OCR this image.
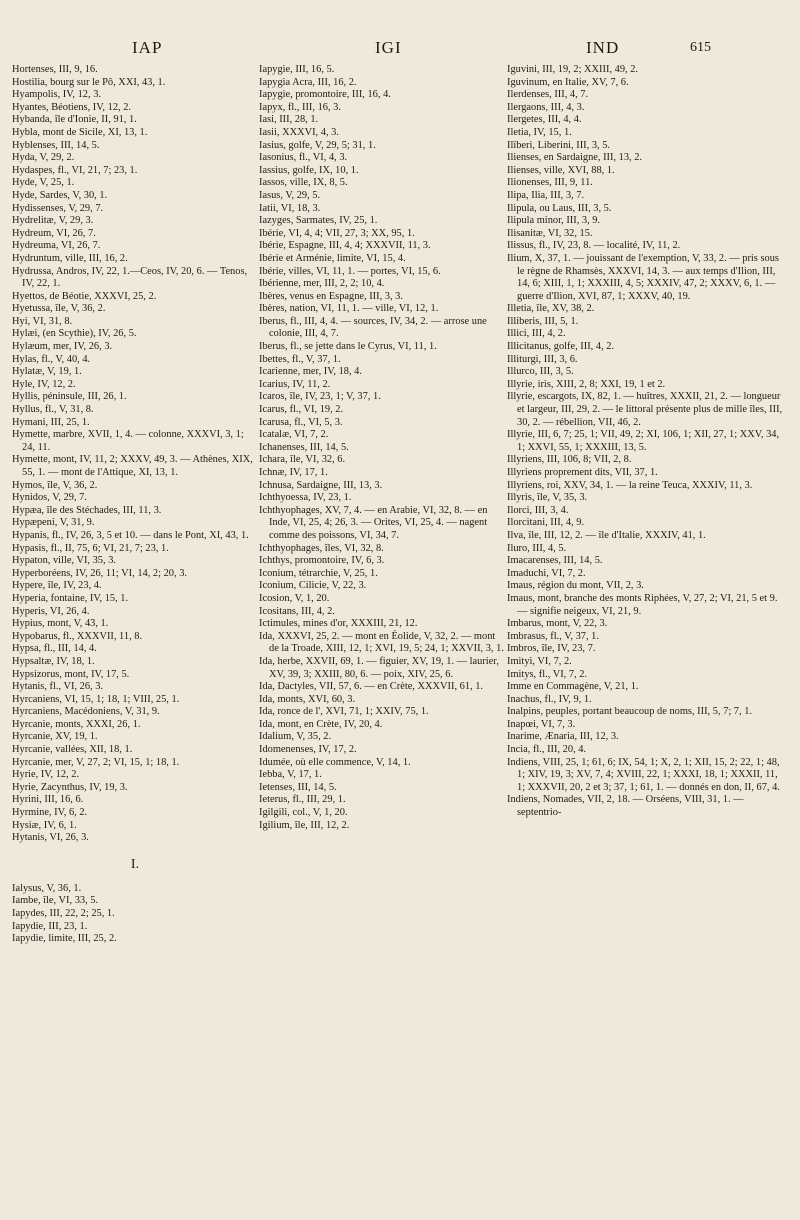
IAP	IGI	IND	615
Hortenses, III, 9, 16.
Hostilia, bourg sur le Pô, XXI, 43, 1.
Hyampolis, IV, 12, 3.
Hyantes, Béotiens, IV, 12, 2.
Hybanda, île d'Ionie, II, 91, 1.
Hybla, mont de Sicile, XI, 13, 1.
Hyblenses, III, 14, 5.
Hyda, V, 29, 2.
Hydaspes, fl., VI, 21, 7; 23, 1.
Hyde, V, 25, 1.
Hyde, Sardes, V, 30, 1.
Hydissenses, V, 29, 7.
Hydrelitæ, V, 29, 3.
Hydreum, VI, 26, 7.
Hydreuma, VI, 26, 7.
Hydruntum, ville, III, 16, 2.
Hydrussa, Andros, IV, 22, 1.—Ceos, IV, 20, 6. — Tenos, IV, 22, 1.
Hyettos, de Béotie, XXXVI, 25, 2.
Hyetussa, île, V, 36, 2.
Hyi, VI, 31, 8.
Hylæi, (en Scythie), IV, 26, 5.
Hylæum, mer, IV, 26, 3.
Hylas, fl., V, 40, 4.
Hylatæ, V, 19, 1.
Hyle, IV, 12, 2.
Hyllis, péninsule, III, 26, 1.
Hyllus, fl., V, 31, 8.
Hymani, III, 25, 1.
Hymette, marbre, XVII, 1, 4. — colonne, XXXVI, 3, 1; 24, 11.
Hymette, mont, IV, 11, 2; XXXV, 49, 3. — Athènes, XIX, 55, 1. — mont de l'Attique, XI, 13, 1.
Hymos, île, V, 36, 2.
Hynidos, V, 29, 7.
Hypæa, île des Stéchades, III, 11, 3.
Hypæpeni, V, 31, 9.
Hypanis, fl., IV, 26, 3, 5 et 10. — dans le Pont, XI, 43, 1.
Hypasis, fl., II, 75, 6; VI, 21, 7; 23, 1.
Hypaton, ville, VI, 35, 3.
Hyperboréens, IV, 26, 11; VI, 14, 2; 20, 3.
Hypere, île, IV, 23, 4.
Hyperia, fontaine, IV, 15, 1.
Hyperis, VI, 26, 4.
Hypius, mont, V, 43, 1.
Hypobarus, fl., XXXVII, 11, 8.
Hypsa, fl., III, 14, 4.
Hypsaltæ, IV, 18, 1.
Hypsizorus, mont, IV, 17, 5.
Hytanis, fl., VI, 26, 3.
Hyrcaniens, VI, 15, 1; 18, 1; VIII, 25, 1.
Hyrcaniens, Macédoniens, V, 31, 9.
Hyrcanie, monts, XXXI, 26, 1.
Hyrcanie, XV, 19, 1.
Hyrcanie, vallées, XII, 18, 1.
Hyrcanie, mer, V, 27, 2; VI, 15, 1; 18, 1.
Hyrie, IV, 12, 2.
Hyrie, Zacynthus, IV, 19, 3.
Hyrini, III, 16, 6.
Hyrmine, IV, 6, 2.
Hysiæ, IV, 6, 1.
Hytanis, VI, 26, 3.
I.
Ialysus, V, 36, 1.
Iambe, île, VI, 33, 5.
Iapydes, III, 22, 2; 25, 1.
Iapydie, III, 23, 1.
Iapydie, limite, III, 25, 2.
Iapygie, III, 16, 5.
Iapygia Acra, III, 16, 2.
Iapygie, promontoire, III, 16, 4.
Iapyx, fl., III, 16, 3.
Iasi, III, 28, 1.
Iasii, XXXVI, 4, 3.
Iasius, golfe, V, 29, 5; 31, 1.
Iasonius, fl., VI, 4, 3.
Iassius, golfe, IX, 10, 1.
Iassos, ville, IX, 8, 5.
Iasus, V, 29, 5.
Iatii, VI, 18, 3.
Iazyges, Sarmates, IV, 25, 1.
Ibérie, VI, 4, 4; VII, 27, 3; XX, 95, 1.
Ibérie, Espagne, III, 4, 4; XXXVII, 11, 3.
Ibérie et Arménie, limite, VI, 15, 4.
Ibérie, villes, VI, 11, 1. — portes, VI, 15, 6.
Ibérienne, mer, III, 2, 2; 10, 4.
Ibères, venus en Espagne, III, 3, 3.
Ibères, nation, VI, 11, 1. — ville, VI, 12, 1.
Iberus, fl., III, 4, 4. — sources, IV, 34, 2. — arrose une colonie, III, 4, 7.
Iberus, fl., se jette dans le Cyrus, VI, 11, 1.
Ibettes, fl., V, 37, 1.
Icarienne, mer, IV, 18, 4.
Icarius, IV, 11, 2.
Icaros, île, IV, 23, 1; V, 37, 1.
Icarus, fl., VI, 19, 2.
Icarusa, fl., VI, 5, 3.
Icatalæ, VI, 7, 2.
Ichanenses, III, 14, 5.
Ichara, île, VI, 32, 6.
Ichnæ, IV, 17, 1.
Ichnusa, Sardaigne, III, 13, 3.
Ichthyoessa, IV, 23, 1.
Ichthyophages, XV, 7, 4. — en Arabie, VI, 32, 8. — en Inde, VI, 25, 4; 26, 3. — Orites, VI, 25, 4. — nagent comme des poissons, VI, 34, 7.
Ichthyophages, îles, VI, 32, 8.
Ichthys, promontoire, IV, 6, 3.
Iconium, tétrarchie, V, 25, 1.
Iconium, Cilicie, V, 22, 3.
Icosion, V, 1, 20.
Icositans, III, 4, 2.
Ictimules, mines d'or, XXXIII, 21, 12.
Ida, XXXVI, 25, 2. — mont en Éolide, V, 32, 2. — mont de la Troade, XIII, 12, 1; XVI, 19, 5; 24, 1; XXVII, 3, 1.
Ida, herbe, XXVII, 69, 1. — figuier, XV, 19, 1. — laurier, XV, 39, 3; XXIII, 80, 6. — poix, XIV, 25, 6.
Ida, Dactyles, VII, 57, 6. — en Crète, XXXVII, 61, 1.
Ida, monts, XVI, 60, 3.
Ida, ronce de l', XVI, 71, 1; XXIV, 75, 1.
Ida, mont, en Crète, IV, 20, 4.
Idalium, V, 35, 2.
Idomenenses, IV, 17, 2.
Idumée, où elle commence, V, 14, 1.
Iebba, V, 17, 1.
Ietenses, III, 14, 5.
Ieterus, fl., III, 29, 1.
Igilgili, col., V, 1, 20.
Igilium, île, III, 12, 2.
Iguvini, III, 19, 2; XXIII, 49, 2.
Iguvinum, en Italie, XV, 7, 6.
Ilerdenses, III, 4, 7.
Ilergaons, III, 4, 3.
Ilergetes, III, 4, 4.
Iletia, IV, 15, 1.
Ilïberi, Liberini, III, 3, 5.
Ilienses, en Sardaigne, III, 13, 2.
Ilienses, ville, XVI, 88, 1.
Ilionenses, III, 9, 11.
Ilipa, Ilia, III, 3, 7.
Ilipula, ou Laus, III, 3, 5.
Ilipula minor, III, 3, 9.
Ilisanitæ, VI, 32, 15.
Ilissus, fl., IV, 23, 8. — localité, IV, 11, 2.
Ilium, X, 37, 1. — jouissant de l'exemption, V, 33, 2. — pris sous le règne de Rhamsès, XXXVI, 14, 3. — aux temps d'Ilion, III, 14, 6; XIII, 1, 1; XXXIII, 4, 5; XXXIV, 47, 2; XXXV, 6, 1. — guerre d'Ilion, XVI, 87, 1; XXXV, 40, 19.
Illetia, île, XV, 38, 2.
Illiberis, III, 5, 1.
Illici, III, 4, 2.
Illicitanus, golfe, III, 4, 2.
Illiturgi, III, 3, 6.
Illurco, III, 3, 5.
Illyrie, iris, XIII, 2, 8; XXI, 19, 1 et 2.
Illyrie, escargots, IX, 82, 1. — huîtres, XXXII, 21, 2. — longueur et largeur, III, 29, 2. — le littoral présente plus de mille îles, III, 30, 2. — rébellion, VII, 46, 2.
Illyrie, III, 6, 7; 25, 1; VII, 49, 2; XI, 106, 1; XII, 27, 1; XXV, 34, 1; XXVI, 55, 1; XXXIII, 13, 5.
Illyriens, III, 106, 8; VII, 2, 8.
Illyriens proprement dits, VII, 37, 1.
Illyriens, roi, XXV, 34, 1. — la reine Teuca, XXXIV, 11, 3.
Illyris, île, V, 35, 3.
Ilorci, III, 3, 4.
Ilorcitani, III, 4, 9.
Ilva, île, III, 12, 2. — île d'Italie, XXXIV, 41, 1.
Iluro, III, 4, 5.
Imacarenses, III, 14, 5.
Imaduchi, VI, 7, 2.
Imaus, région du mont, VII, 2, 3.
Imaus, mont, branche des monts Riphées, V, 27, 2; VI, 21, 5 et 9. — signifie neigeux, VI, 21, 9.
Imbarus, mont, V, 22, 3.
Imbrasus, fl., V, 37, 1.
Imbros, île, IV, 23, 7.
Imityi, VI, 7, 2.
Imitys, fl., VI, 7, 2.
Imme en Commagène, V, 21, 1.
Inachus, fl., IV, 9, 1.
Inalpins, peuples, portant beaucoup de noms, III, 5, 7; 7, 1.
Inapœi, VI, 7, 3.
Inarime, Ænaria, III, 12, 3.
Incia, fl., III, 20, 4.
Indiens, VIII, 25, 1; 61, 6; IX, 54, 1; X, 2, 1; XII, 15, 2; 22, 1; 48, 1; XIV, 19, 3; XV, 7, 4; XVIII, 22, 1; XXXI, 18, 1; XXXII, 11, 1; XXXVII, 20, 2 et 3; 37, 1; 61, 1. — donnés en don, II, 67, 4.
Indiens, Nomades, VII, 2, 18. — Orséens, VIII, 31, 1. — septentrio-
